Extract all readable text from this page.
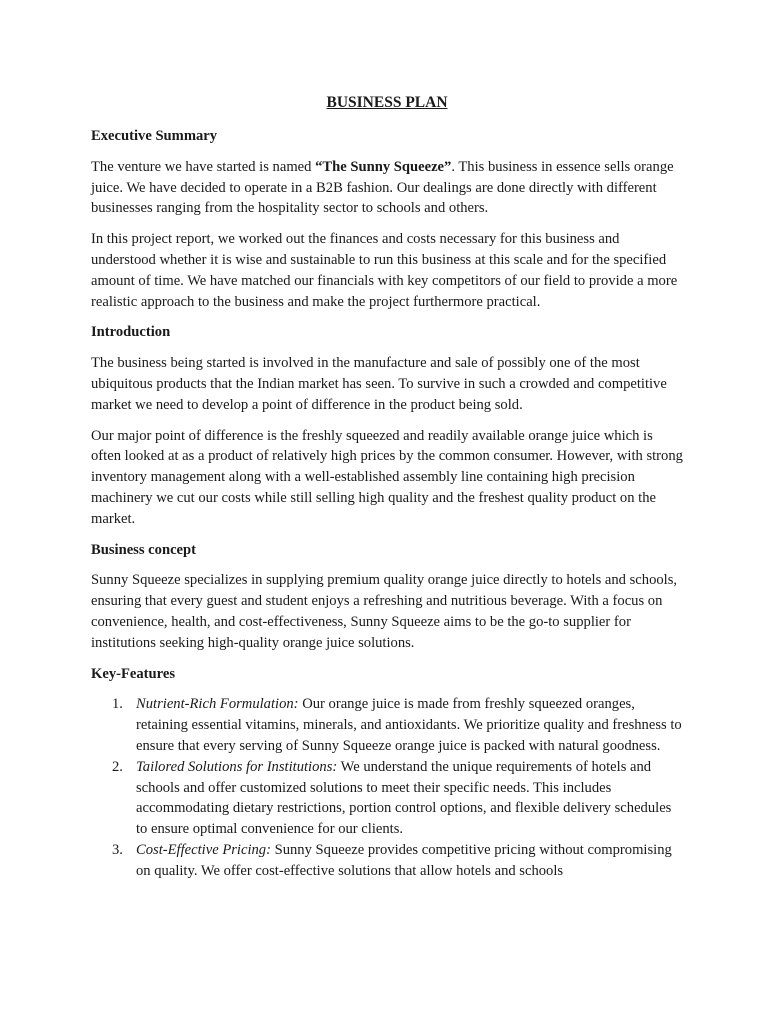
BUSINESS PLAN
Executive Summary

The venture we have started is named “The Sunny Squeeze”. This business in essence sells orange juice. We have decided to operate in a B2B fashion. Our dealings are done directly with different businesses ranging from the hospitality sector to schools and others.

In this project report, we worked out the finances and costs necessary for this business and understood whether it is wise and sustainable to run this business at this scale and for the specified amount of time. We have matched our financials with key competitors of our field to provide a more realistic approach to the business and make the project furthermore practical.

Introduction

The business being started is involved in the manufacture and sale of possibly one of the most ubiquitous products that the Indian market has seen. To survive in such a crowded and competitive market we need to develop a point of difference in the product being sold.

Our major point of difference is the freshly squeezed and readily available orange juice which is often looked at as a product of relatively high prices by the common consumer. However, with strong inventory management along with a well-established assembly line containing high precision machinery we cut our costs while still selling high quality and the freshest quality product on the market.

Business concept

Sunny Squeeze specializes in supplying premium quality orange juice directly to hotels and schools, ensuring that every guest and student enjoys a refreshing and nutritious beverage. With a focus on convenience, health, and cost-effectiveness, Sunny Squeeze aims to be the go-to supplier for institutions seeking high-quality orange juice solutions.

Key-Features
1. Nutrient-Rich Formulation: Our orange juice is made from freshly squeezed oranges, retaining essential vitamins, minerals, and antioxidants. We prioritize quality and freshness to ensure that every serving of Sunny Squeeze orange juice is packed with natural goodness.
2. Tailored Solutions for Institutions: We understand the unique requirements of hotels and schools and offer customized solutions to meet their specific needs. This includes accommodating dietary restrictions, portion control options, and flexible delivery schedules to ensure optimal convenience for our clients.
3. Cost-Effective Pricing: Sunny Squeeze provides competitive pricing without compromising on quality. We offer cost-effective solutions that allow hotels and schools
